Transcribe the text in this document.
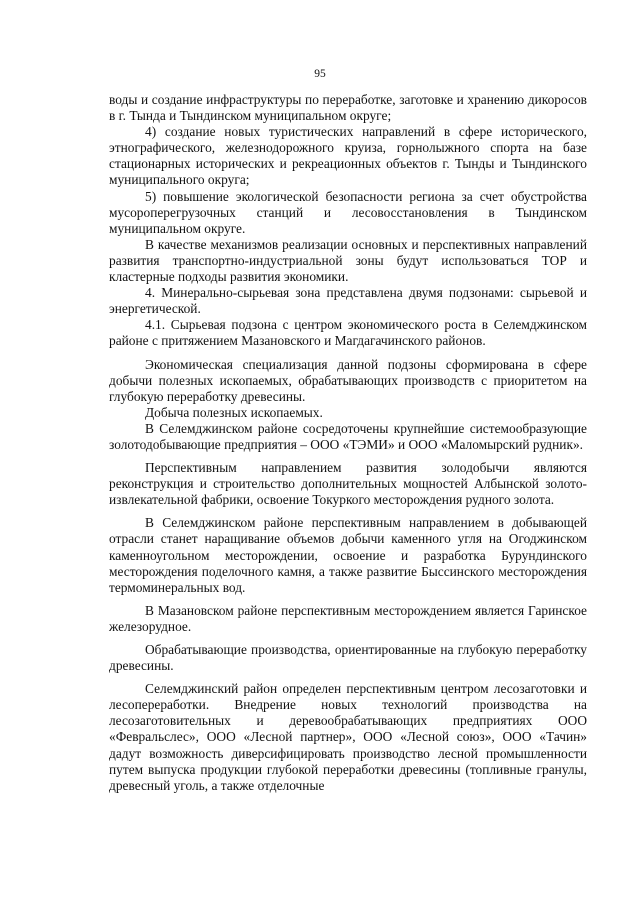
95

воды и создание инфраструктуры по переработке, заготовке и хранению дикоросов в г. Тында и Тындинском муниципальном округе;

4) создание новых туристических направлений в сфере исторического, этнографического, железнодорожного круиза, горнолыжного спорта на базе стационарных исторических и рекреационных объектов г. Тынды и Тындинского муниципального округа;

5) повышение экологической безопасности региона за счет обустройства мусороперегрузочных станций и лесовосстановления в Тындинском муниципальном округе.

В качестве механизмов реализации основных и перспективных направлений развития транспортно-индустриальной зоны будут использоваться ТОР и кластерные подходы развития экономики.

4. Минерально-сырьевая зона представлена двумя подзонами: сырьевой и энергетической.

4.1. Сырьевая подзона с центром экономического роста в Селемджинском районе с притяжением Мазановского и Магдагачинского районов.

Экономическая специализация данной подзоны сформирована в сфере добычи полезных ископаемых, обрабатывающих производств с приоритетом на глубокую переработку древесины.

Добыча полезных ископаемых.

В Селемджинском районе сосредоточены крупнейшие системообразующие золотодобывающие предприятия – ООО «ТЭМИ» и ООО «Маломырский рудник».

Перспективным направлением развития золодобычи являются реконструкция и строительство дополнительных мощностей Албынской золото-извлекательной фабрики, освоение Токуркого месторождения рудного золота.

В Селемджинском районе перспективным направлением в добывающей отрасли станет наращивание объемов добычи каменного угля на Огоджинском каменноугольном месторождении, освоение и разработка Бурундинского месторождения поделочного камня, а также развитие Быссинского месторождения термоминеральных вод.

В Мазановском районе перспективным месторождением является Гаринское железорудное.

Обрабатывающие производства, ориентированные на глубокую переработку древесины.

Селемджинский район определен перспективным центром лесозаготовки и лесопереработки. Внедрение новых технологий производства на лесозаготовительных и деревообрабатывающих предприятиях ООО «Февральслес», ООО «Лесной партнер», ООО «Лесной союз», ООО «Тачин» дадут возможность диверсифицировать производство лесной промышленности путем выпуска продукции глубокой переработки древесины (топливные гранулы, древесный уголь, а также отделочные
